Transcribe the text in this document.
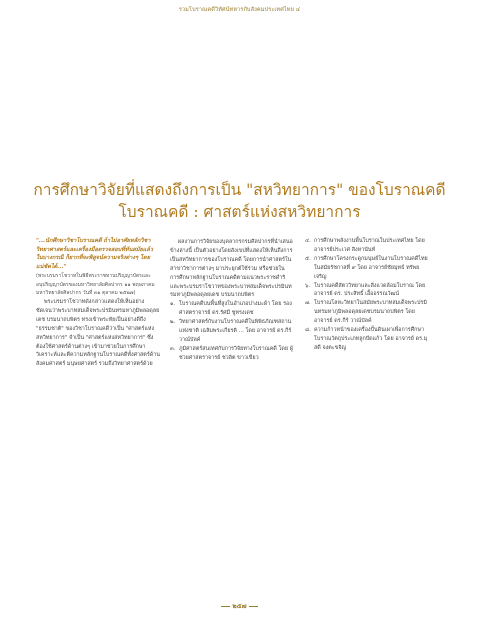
รวมโบราณคดีวิทัศน์ทหารกับสังคมประเทศไทย ๔
การศึกษาวิจัยที่แสดงถึงการเป็น "สหวิทยาการ" ของโบราณคดี
โบราณคดี : ศาสตร์แห่งสหวิทยาการ

"...นักศึกษาวิชาโบราณคดี ถ้าไม่อาศัยหลักวิชาวิทยาศาสตร์และเครื่องมือตรวจสอบที่ทันสมัยแล้ว ในบางกรณี ก็ยากที่จะพิสูจน์ความจริงต่างๆ โดยแน่ชัดได้..."

(พระบรมราโชวาทในพิธีพระราชทานปริญญาบัตรและอนุปริญญาบัตรของมหาวิทยาลัยศิลปากร ๑๑ พฤษภาคม มหาวิทยาลัยศิลปากร วันที่ ๓๑ ตุลาคม ๒๕๒๗)

พระบรมราโชวาทดังกล่าวแสดงให้เห็นอย่างชัดเจนว่าพระบาทสมเด็จพระปรมินทรมหาภูมิพลอดุลยเดช บรมนาถบพิตร ทรงเข้าพระทัยเป็นอย่างดีถึง "ธรรมชาติ" ของวิชาโบราณคดีว่าเป็น "ศาสตร์แห่งสหวิทยาการ" จำเป็น "ศาสตร์แห่งสหวิทยาการ" ซึ่งต้องใช้ศาสตร์ด้านต่างๆ เข้ามาช่วยในการศึกษาวิเคราะห์และตีความหลักฐานโบราณคดีทั้งศาสตร์ด้านสังคมศาสตร์ มนุษยศาสตร์ รวมถึงวิทยาศาสตร์ด้วย

ผลงานการวิจัยของบุคลากรกรมศิลปากรที่นำเสนอข้างล่างนี้ เป็นตัวอย่างโดยสังเขปที่แสดงให้เห็นถึงการเป็นสหวิทยาการของโบราณคดี โดยการนำศาสตร์ในสาขาวิชาการต่างๆ มาประยุกต์ใช้ร่วม หรือช่วยในการศึกษาหลักฐานโบราณคดีตามแนวพระราชดำริและพระบรมราโชวาทของพระบาทสมเด็จพระปรมินทรมหาภูมิพลอดุลยเดช บรมนาถบพิตร

๑. โบราณคดีบนพื้นที่สูงในอำเภอปางมะผ้า โดย รองศาสตราจารย์ ดร.รัศมี ชูทรงเดช
๒. วิทยาศาสตร์กับงานโบราณคดีในพิพิธภัณฑสถานแห่งชาติ เฉลิมพระเกียรติ ... โดย อาจารย์ ดร.กีร์ วาณ์บัลค์
๓. ภูมิศาสตร์สนเทศกับการวิจัยทางโบราณคดี โดย ผู้ช่วยศาสตราจารย์ ชวลิต ขาวเขียว
๔. การศึกษาพลังงานพื้นโบราณในประเทศไทย โดย อาจารย์ประเวศ สิงหานันท์
๕. การศึกษาโครงกระดูกมนุษย์ในงานโบราณคดีไทยในสมัยรัชกาลที่ ๙ โดย อาจารย์ชัยมุทธ์ ทรัพยเจริญ
๖. โบราณคดีสัตววิทยาและสิ่งแวดล้อมโบราณ โดย อาจารย์ ดร. ประสิทธิ์ เอื้ออรรณวัฒน์
๗. โบราณโลหะวิทยาในสมัยพระบาทสมเด็จพระปรมินทรมหาภูมิพลอดุลยเดชบรมนาถบพิตร โดย อาจารย์ ดร.กีร์ วาณ์บัลค์
๘. ความก้าวหน้าของเครื่องปั้นดินเผาเพื่อการศึกษาโบราณวัตถุประเภทลูกปัดแก้ว โดย อาจารย์ ดร.มุสดี จงตะขจิญ
๒๕๗
